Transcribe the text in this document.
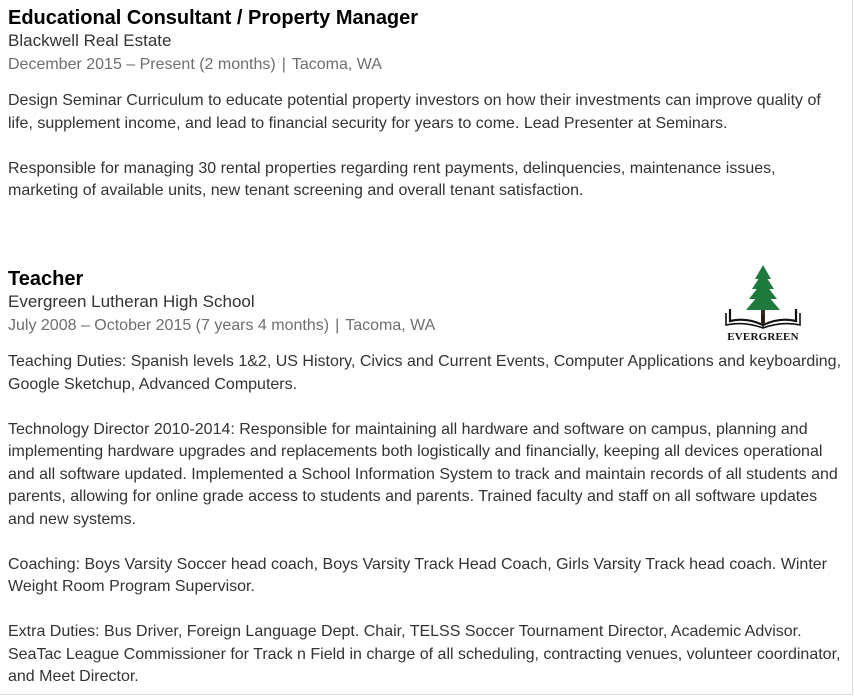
Educational Consultant / Property Manager
Blackwell Real Estate
December 2015 – Present (2 months) | Tacoma, WA

Design Seminar Curriculum to educate potential property investors on how their investments can improve quality of life, supplement income, and lead to financial security for years to come. Lead Presenter at Seminars.

Responsible for managing 30 rental properties regarding rent payments, delinquencies, maintenance issues, marketing of available units, new tenant screening and overall tenant satisfaction.

Teacher
Evergreen Lutheran High School
July 2008 – October 2015 (7 years 4 months) | Tacoma, WA

Teaching Duties: Spanish levels 1&2, US History, Civics and Current Events, Computer Applications and keyboarding, Google Sketchup, Advanced Computers.

Technology Director 2010-2014: Responsible for maintaining all hardware and software on campus, planning and implementing hardware upgrades and replacements both logistically and financially, keeping all devices operational and all software updated. Implemented a School Information System to track and maintain records of all students and parents, allowing for online grade access to students and parents. Trained faculty and staff on all software updates and new systems.

Coaching: Boys Varsity Soccer head coach, Boys Varsity Track Head Coach, Girls Varsity Track head coach. Winter Weight Room Program Supervisor.

Extra Duties: Bus Driver, Foreign Language Dept. Chair, TELSS Soccer Tournament Director, Academic Advisor. SeaTac League Commissioner for Track n Field in charge of all scheduling, contracting venues, volunteer coordinator, and Meet Director.

EVERGREEN
